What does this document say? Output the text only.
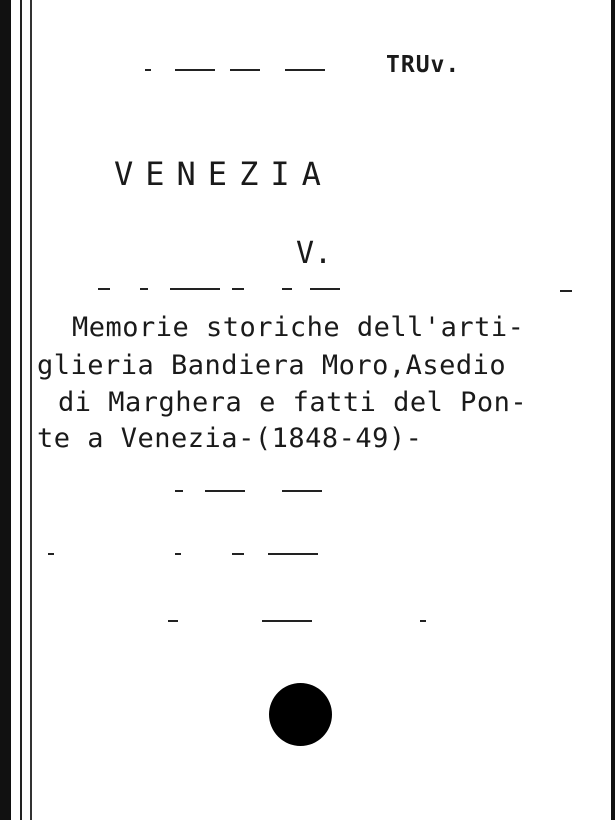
TRUv.
VENEZIA
V.
Memorie storiche dell'arti-
glieria Bandiera Moro,Asedio
di Marghera e fatti del Pon-
te a Venezia-(1848-49)-
